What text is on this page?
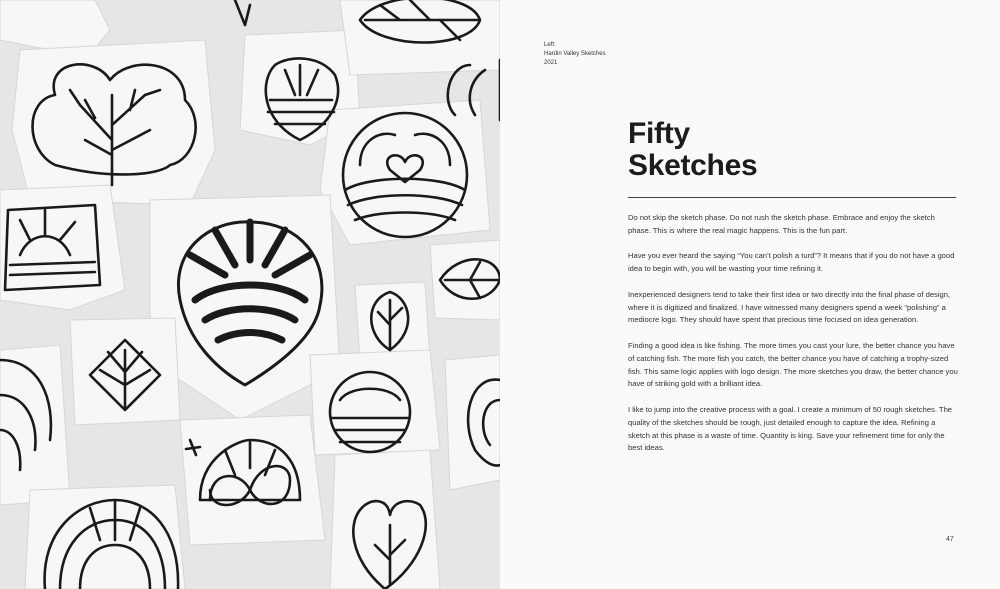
Left:
Hardin Valley Sketches
2021
Fifty
Sketches

Do not skip the sketch phase. Do not rush the sketch phase. Embrace and enjoy the sketch phase. This is where the real magic happens. This is the fun part.

Have you ever heard the saying “You can’t polish a turd”? It means that if you do not have a good idea to begin with, you will be wasting your time refining it.

Inexperienced designers tend to take their first idea or two directly into the final phase of design, where it is digitized and finalized. I have witnessed many designers spend a week “polishing” a mediocre logo. They should have spent that precious time focused on idea generation.

Finding a good idea is like fishing. The more times you cast your lure, the better chance you have of catching fish. The more fish you catch, the better chance you have of catching a trophy-sized fish. This same logic applies with logo design. The more sketches you draw, the better chance you have of striking gold with a brilliant idea.

I like to jump into the creative process with a goal. I create a minimum of 50 rough sketches. The quality of the sketches should be rough, just detailed enough to capture the idea. Refining a sketch at this phase is a waste of time. Quantity is king. Save your refinement time for only the best ideas.

47
